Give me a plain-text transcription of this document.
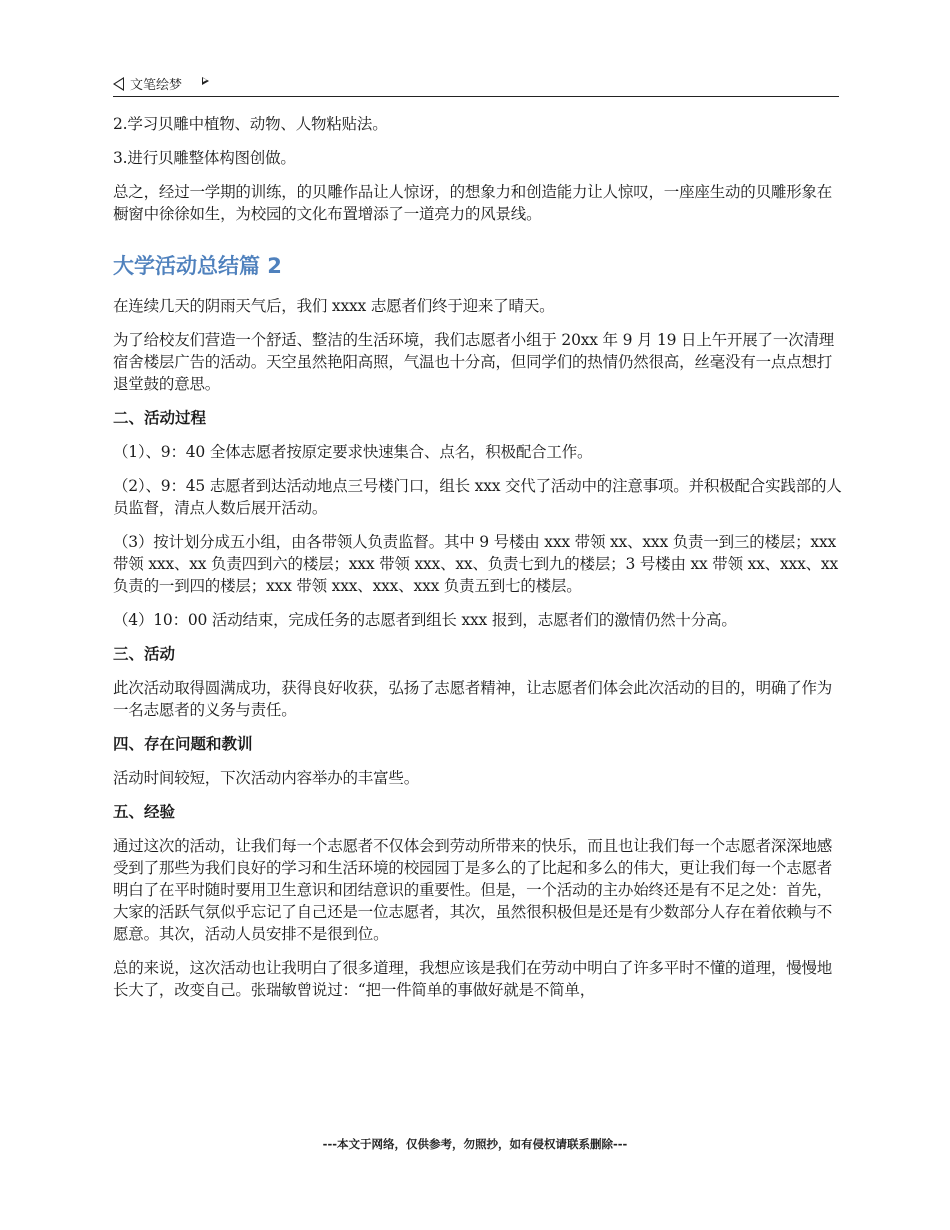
文笔绘梦

2.学习贝雕中植物、动物、人物粘贴法。

3.进行贝雕整体构图创做。

总之，经过一学期的训练，的贝雕作品让人惊讶，的想象力和创造能力让人惊叹，一座座生动的贝雕形象在橱窗中徐徐如生，为校园的文化布置增添了一道亮力的风景线。

大学活动总结篇 2

在连续几天的阴雨天气后，我们 xxxx 志愿者们终于迎来了晴天。

为了给校友们营造一个舒适、整洁的生活环境，我们志愿者小组于 20xx 年 9 月 19 日上午开展了一次清理宿舍楼层广告的活动。天空虽然艳阳高照，气温也十分高，但同学们的热情仍然很高，丝毫没有一点点想打退堂鼓的意思。

二、活动过程

（1）、9：40 全体志愿者按原定要求快速集合、点名，积极配合工作。

（2）、9：45 志愿者到达活动地点三号楼门口，组长 xxx 交代了活动中的注意事项。并积极配合实践部的人员监督，清点人数后展开活动。

（3）按计划分成五小组，由各带领人负责监督。其中 9 号楼由 xxx 带领 xx、xxx 负责一到三的楼层；xxx 带领 xxx、xx 负责四到六的楼层；xxx 带领 xxx、xx、负责七到九的楼层；3 号楼由 xx 带领 xx、xxx、xx 负责的一到四的楼层；xxx 带领 xxx、xxx、xxx 负责五到七的楼层。

（4）10：00 活动结束，完成任务的志愿者到组长 xxx 报到，志愿者们的激情仍然十分高。

三、活动

此次活动取得圆满成功，获得良好收获，弘扬了志愿者精神，让志愿者们体会此次活动的目的，明确了作为一名志愿者的义务与责任。

四、存在问题和教训

活动时间较短，下次活动内容举办的丰富些。

五、经验

通过这次的活动，让我们每一个志愿者不仅体会到劳动所带来的快乐，而且也让我们每一个志愿者深深地感受到了那些为我们良好的学习和生活环境的校园园丁是多么的了比起和多么的伟大，更让我们每一个志愿者明白了在平时随时要用卫生意识和团结意识的重要性。但是，一个活动的主办始终还是有不足之处：首先，大家的活跃气氛似乎忘记了自己还是一位志愿者，其次，虽然很积极但是还是有少数部分人存在着依赖与不愿意。其次，活动人员安排不是很到位。

总的来说，这次活动也让我明白了很多道理，我想应该是我们在劳动中明白了许多平时不懂的道理，慢慢地长大了，改变自己。张瑞敏曾说过：“把一件简单的事做好就是不简单，

---本文于网络，仅供参考，勿照抄，如有侵权请联系删除---
